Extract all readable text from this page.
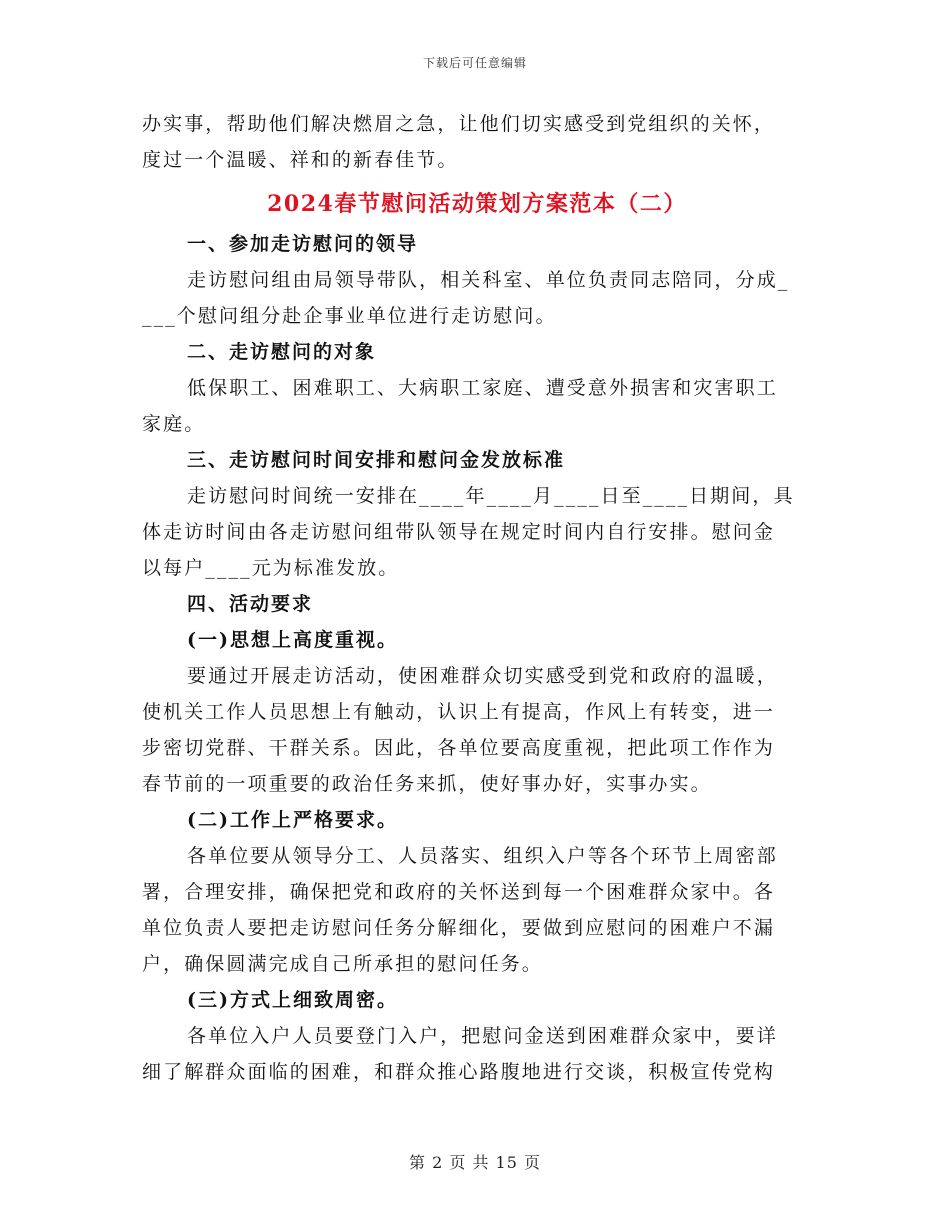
下载后可任意编辑
办实事，帮助他们解决燃眉之急，让他们切实感受到党组织的关怀，
度过一个温暖、祥和的新春佳节。
2024春节慰问活动策划方案范本（二）
一、参加走访慰问的领导
走访慰问组由局领导带队，相关科室、单位负责同志陪同，分成_
___个慰问组分赴企事业单位进行走访慰问。
二、走访慰问的对象
低保职工、困难职工、大病职工家庭、遭受意外损害和灾害职工
家庭。
三、走访慰问时间安排和慰问金发放标准
走访慰问时间统一安排在____年____月____日至____日期间，具
体走访时间由各走访慰问组带队领导在规定时间内自行安排。慰问金
以每户____元为标准发放。
四、活动要求
(一)思想上高度重视。
要通过开展走访活动，使困难群众切实感受到党和政府的温暖，
使机关工作人员思想上有触动，认识上有提高，作风上有转变，进一
步密切党群、干群关系。因此，各单位要高度重视，把此项工作作为
春节前的一项重要的政治任务来抓，使好事办好，实事办实。
(二)工作上严格要求。
各单位要从领导分工、人员落实、组织入户等各个环节上周密部
署，合理安排，确保把党和政府的关怀送到每一个困难群众家中。各
单位负责人要把走访慰问任务分解细化，要做到应慰问的困难户不漏
户，确保圆满完成自己所承担的慰问任务。
(三)方式上细致周密。
各单位入户人员要登门入户，把慰问金送到困难群众家中，要详
细了解群众面临的困难，和群众推心路腹地进行交谈，积极宣传党构
第 2 页 共 15 页
